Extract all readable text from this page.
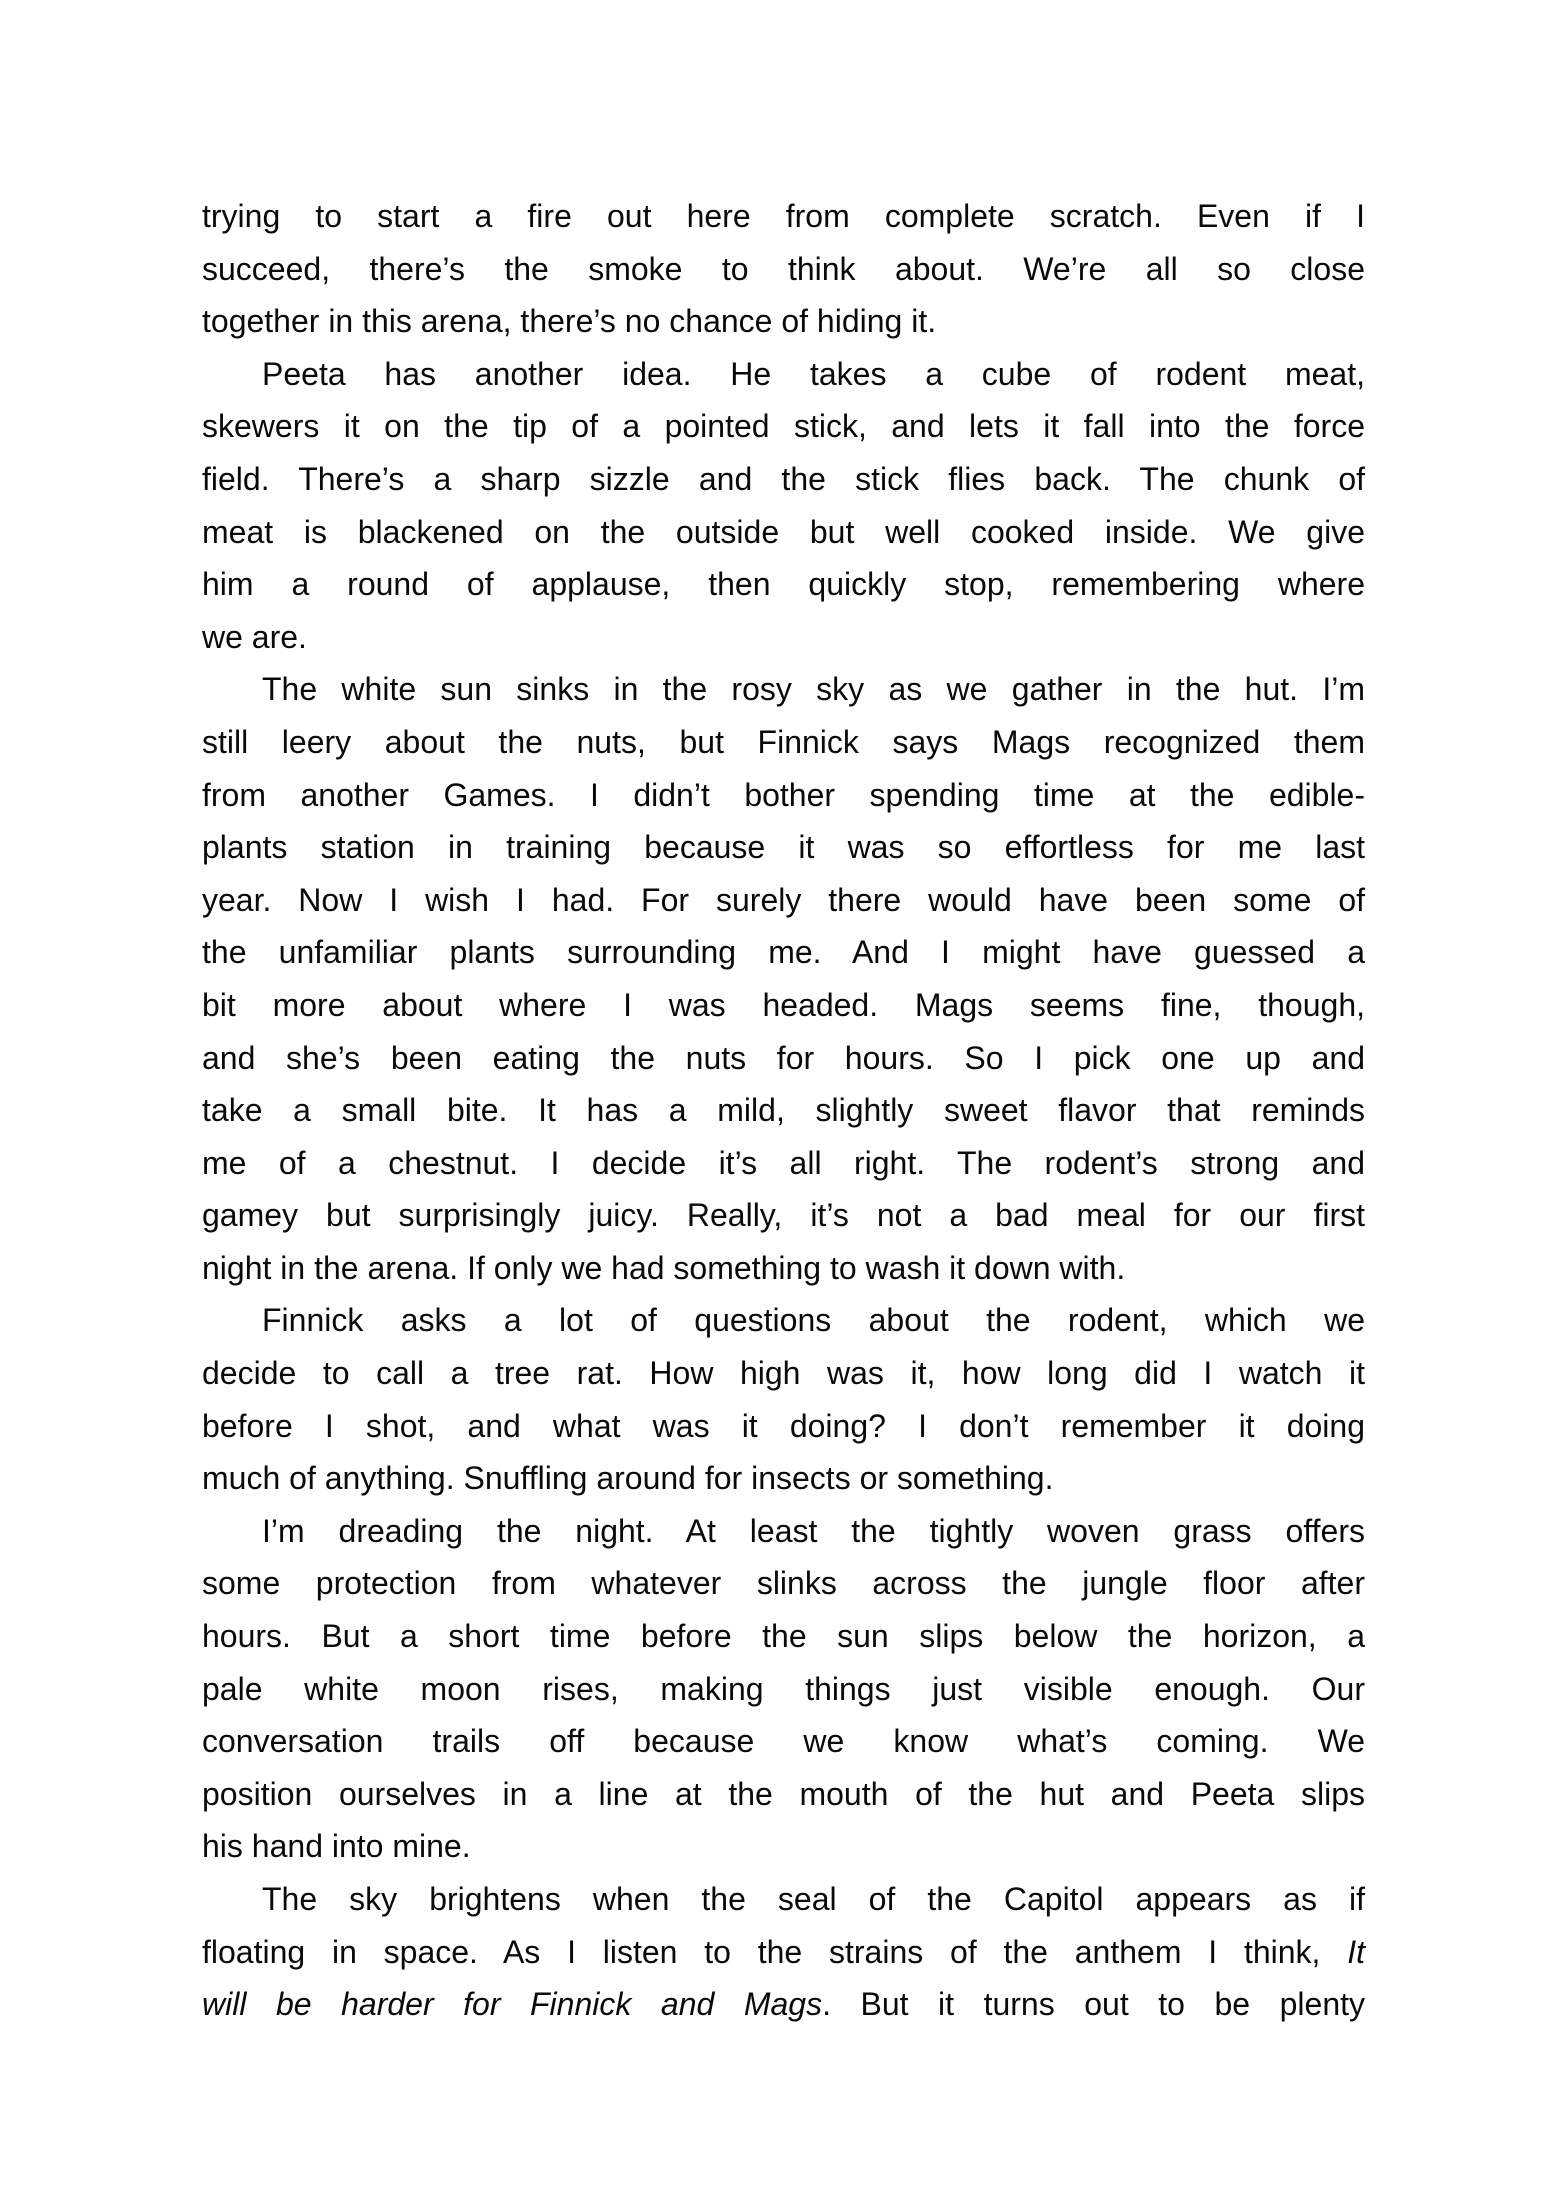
trying to start a fire out here from complete scratch. Even if I
succeed, there’s the smoke to think about. We’re all so close
together in this arena, there’s no chance of hiding it.
Peeta has another idea. He takes a cube of rodent meat,
skewers it on the tip of a pointed stick, and lets it fall into the force
field. There’s a sharp sizzle and the stick flies back. The chunk of
meat is blackened on the outside but well cooked inside. We give
him a round of applause, then quickly stop, remembering where
we are.
The white sun sinks in the rosy sky as we gather in the hut. I’m
still leery about the nuts, but Finnick says Mags recognized them
from another Games. I didn’t bother spending time at the edible-
plants station in training because it was so effortless for me last
year. Now I wish I had. For surely there would have been some of
the unfamiliar plants surrounding me. And I might have guessed a
bit more about where I was headed. Mags seems fine, though,
and she’s been eating the nuts for hours. So I pick one up and
take a small bite. It has a mild, slightly sweet flavor that reminds
me of a chestnut. I decide it’s all right. The rodent’s strong and
gamey but surprisingly juicy. Really, it’s not a bad meal for our first
night in the arena. If only we had something to wash it down with.
Finnick asks a lot of questions about the rodent, which we
decide to call a tree rat. How high was it, how long did I watch it
before I shot, and what was it doing? I don’t remember it doing
much of anything. Snuffling around for insects or something.
I’m dreading the night. At least the tightly woven grass offers
some protection from whatever slinks across the jungle floor after
hours. But a short time before the sun slips below the horizon, a
pale white moon rises, making things just visible enough. Our
conversation trails off because we know what’s coming. We
position ourselves in a line at the mouth of the hut and Peeta slips
his hand into mine.
The sky brightens when the seal of the Capitol appears as if
floating in space. As I listen to the strains of the anthem I think, It
will be harder for Finnick and Mags. But it turns out to be plenty
